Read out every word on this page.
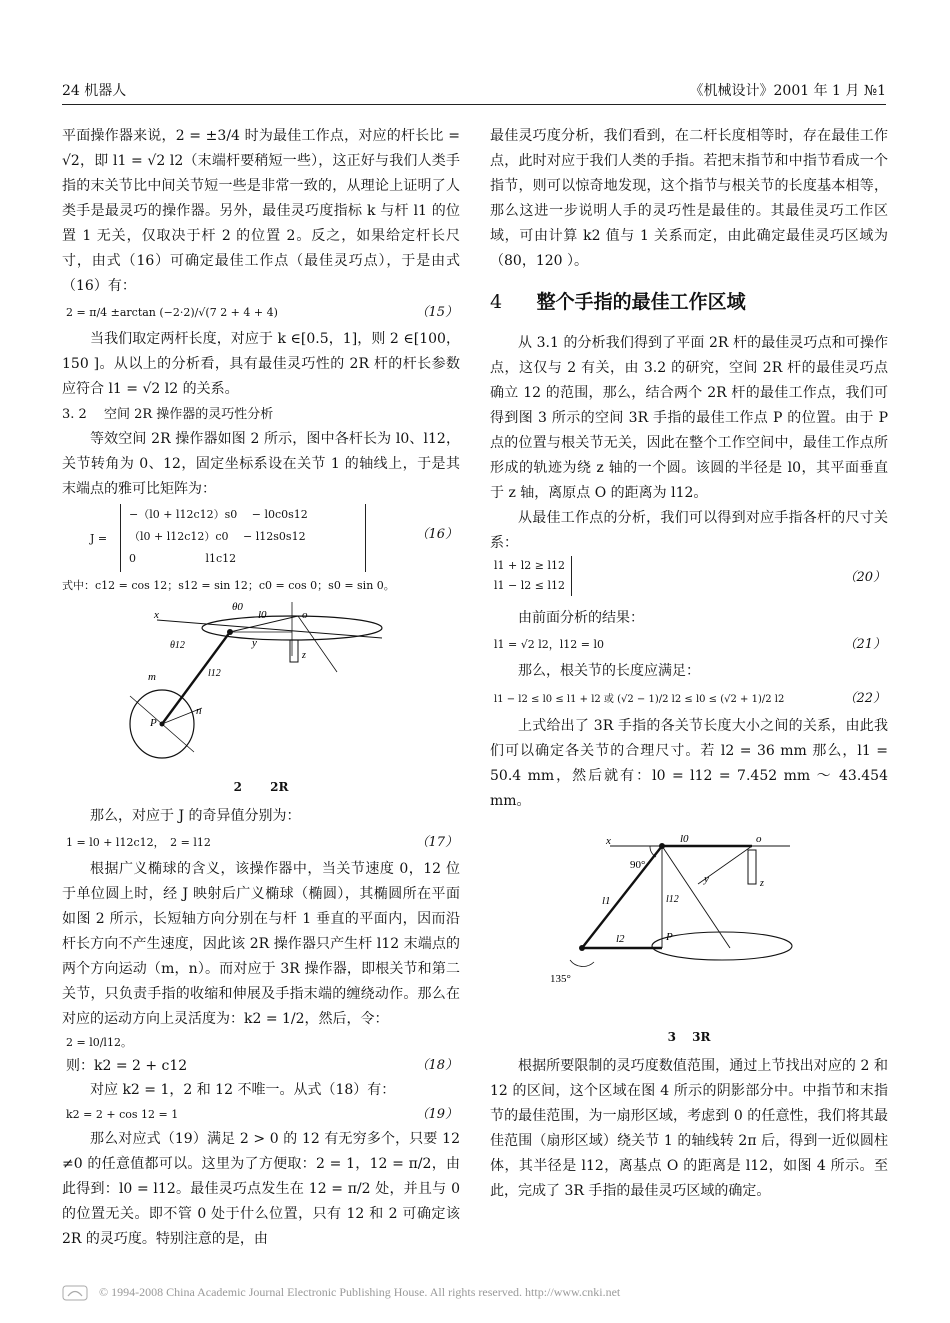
24 机器人	《机械设计》2001 年 1 月 №1

平面操作器来说，2 = ±3/4 时为最佳工作点，对应的杆长比 = √2，即 l1 = √2 l2（末端杆要稍短一些），这正好与我们人类手指的末关节比中间关节短一些是非常一致的，从理论上证明了人类手是最灵巧的操作器。另外，最佳灵巧度指标 k 与杆 l1 的位置 1 无关，仅取决于杆 2 的位置 2。反之，如果给定杆长尺寸，由式（16）可确定最佳工作点（最佳灵巧点），于是由式（16）有：

2 = π/4 ±arctan (−2·2)/√(7 2 + 4 + 4)	（15）

当我们取定两杆长度，对应于 k ∈[0.5，1]，则 2 ∈[100，150 ]。从以上的分析看，具有最佳灵巧性的 2R 杆的杆长参数应符合 l1 = √2 l2 的关系。

3. 2　 空间 2R 操作器的灵巧性分析

等效空间 2R 操作器如图 2 所示，图中各杆长为 l0、l12，关节转角为 0、12，固定坐标系设在关节 1 的轴线上，于是其末端点的雅可比矩阵为：

J =
−（l0 + l12c12）s0　 − l0c0s12
（l0 + l12c12）c0　 − l12s0s12
0　　　　　　 l1c12
（16）
式中：c12 = cos 12；s12 = sin 12；c0 = cos 0；s0 = sin 0。
θ0
x	l0	o
θ12	y
z
m	l12
n
P
2　　 2R

那么，对应于 J 的奇异值分别为：

1 = l0 + l12c12，　2 = l12	（17）

根据广义椭球的含义，该操作器中，当关节速度 0，12 位于单位圆上时，经 J 映射后广义椭球（椭圆），其椭圆所在平面如图 2 所示，长短轴方向分别在与杆 1 垂直的平面内，因而沿杆长方向不产生速度，因此该 2R 操作器只产生杆 l12 末端点的两个方向运动（m，n）。而对应于 3R 操作器，即根关节和第二关节，只负责手指的收缩和伸展及手指末端的缠绕动作。那么在对应的运动方向上灵活度为：k2 = 1/2，然后，令：

2 = l0/l12。
则：k2 = 2 + c12	（18）

对应 k2 = 1，2 和 12 不唯一。从式（18）有：

k2 = 2 + cos 12 = 1	（19）

那么对应式（19）满足 2 > 0 的 12 有无穷多个，只要 12 ≠0 的任意值都可以。这里为了方便取：2 = 1，12 = π/2，由此得到：l0 = l12。最佳灵巧点发生在 12 = π/2 处，并且与 0 的位置无关。即不管 0 处于什么位置，只有 12 和 2 可确定该 2R 的灵巧度。特别注意的是，由

最佳灵巧度分析，我们看到，在二杆长度相等时，存在最佳工作点，此时对应于我们人类的手指。若把末指节和中指节看成一个指节，则可以惊奇地发现，这个指节与根关节的长度基本相等，那么这进一步说明人手的灵巧性是最佳的。其最佳灵巧工作区域，可由计算 k2 值与 1 关系而定，由此确定最佳灵巧区域为（80，120 ）。

4 整个手指的最佳工作区域

从 3.1 的分析我们得到了平面 2R 杆的最佳灵巧点和可操作点，这仅与 2 有关，由 3.2 的研究，空间 2R 杆的最佳灵巧点确立 12 的范围，那么，结合两个 2R 杆的最佳工作点，我们可得到图 3 所示的空间 3R 手指的最佳工作点 P 的位置。由于 P 点的位置与根关节无关，因此在整个工作空间中，最佳工作点所形成的轨迹为绕 z 轴的一个圆。该圆的半径是 l0，其平面垂直于 z 轴，离原点 O 的距离为 l12。

从最佳工作点的分析，我们可以得到对应手指各杆的尺寸关系：

l1 + l2 ≥ l12
l1 − l2 ≤ l12
（20）

由前面分析的结果：

l1 = √2 l2，l12 = l0	（21）

那么，根关节的长度应满足：

l1 − l2 ≤ l0 ≤ l1 + l2 或 (√2 − 1)/2 l2 ≤ l0 ≤ (√2 + 1)/2 l2	（22）

上式给出了 3R 手指的各关节长度大小之间的关系，由此我们可以确定各关节的合理尺寸。若 l2 = 36 mm 那么，l1 = 50.4 mm，然后就有：l0 = l12 = 7.452 mm ～ 43.454 mm。

x	l0	o
90°
y	z
l1	l12
P
l2
135°
3　 3R

根据所要限制的灵巧度数值范围，通过上节找出对应的 2 和 12 的区间，这个区域在图 4 所示的阴影部分中。中指节和末指节的最佳范围，为一扇形区域，考虑到 0 的任意性，我们将其最佳范围（扇形区域）绕关节 1 的轴线转 2π 后，得到一近似圆柱体，其半径是 l12，离基点 O 的距离是 l12，如图 4 所示。至此，完成了 3R 手指的最佳灵巧区域的确定。

© 1994-2008 China Academic Journal Electronic Publishing House. All rights reserved. http://www.cnki.net
